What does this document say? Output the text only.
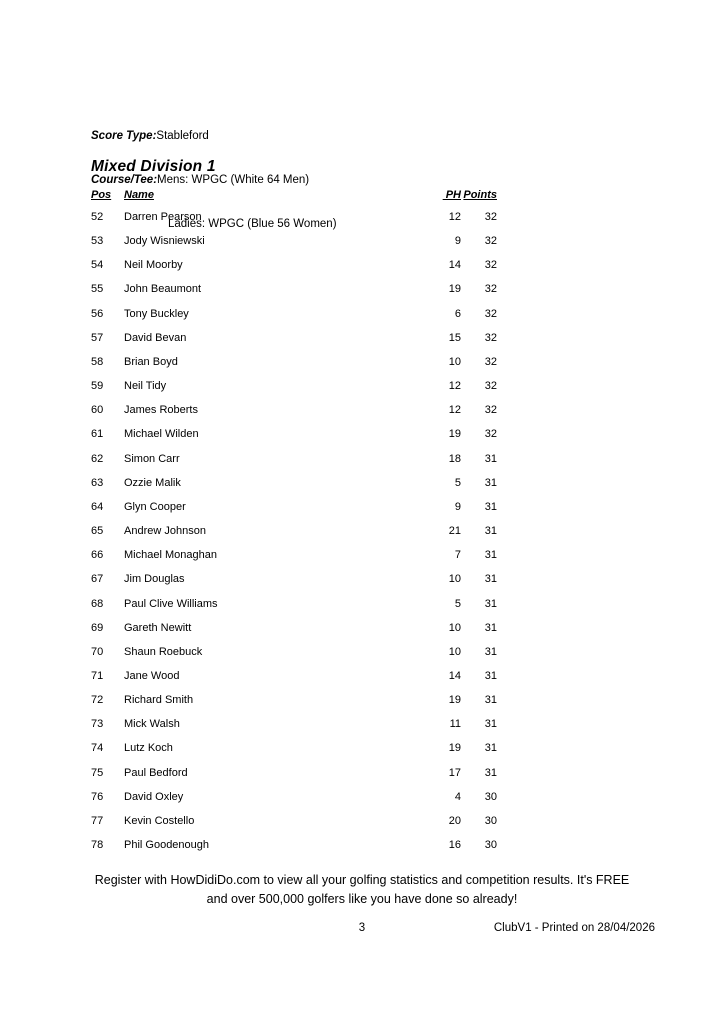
Score Type:Stableford

Course/Tee:Mens: WPGC (White 64 Men)

Ladies: WPGC (Blue 56 Women)

Mixed Division 1
Pos	Name	PH Points
52	Darren Pearson	12	32
53	Jody Wisniewski	9	32
54	Neil Moorby	14	32
55	John Beaumont	19	32
56	Tony Buckley	6	32
57	David Bevan	15	32
58	Brian Boyd	10	32
59	Neil Tidy	12	32
60	James Roberts	12	32
61	Michael Wilden	19	32
62	Simon Carr	18	31
63	Ozzie Malik	5	31
64	Glyn Cooper	9	31
65	Andrew Johnson	21	31
66	Michael Monaghan	7	31
67	Jim Douglas	10	31
68	Paul Clive Williams	5	31
69	Gareth Newitt	10	31
70	Shaun Roebuck	10	31
71	Jane Wood	14	31
72	Richard Smith	19	31
73	Mick Walsh	11	31
74	Lutz Koch	19	31
75	Paul Bedford	17	31
76	David Oxley	4	30
77	Kevin Costello	20	30
78	Phil Goodenough	16	30
Register with HowDidiDo.com to view all your golfing statistics and competition results. It's FREE
and over 500,000 golfers like you have done so already!
3	ClubV1 - Printed on 28/04/2026
